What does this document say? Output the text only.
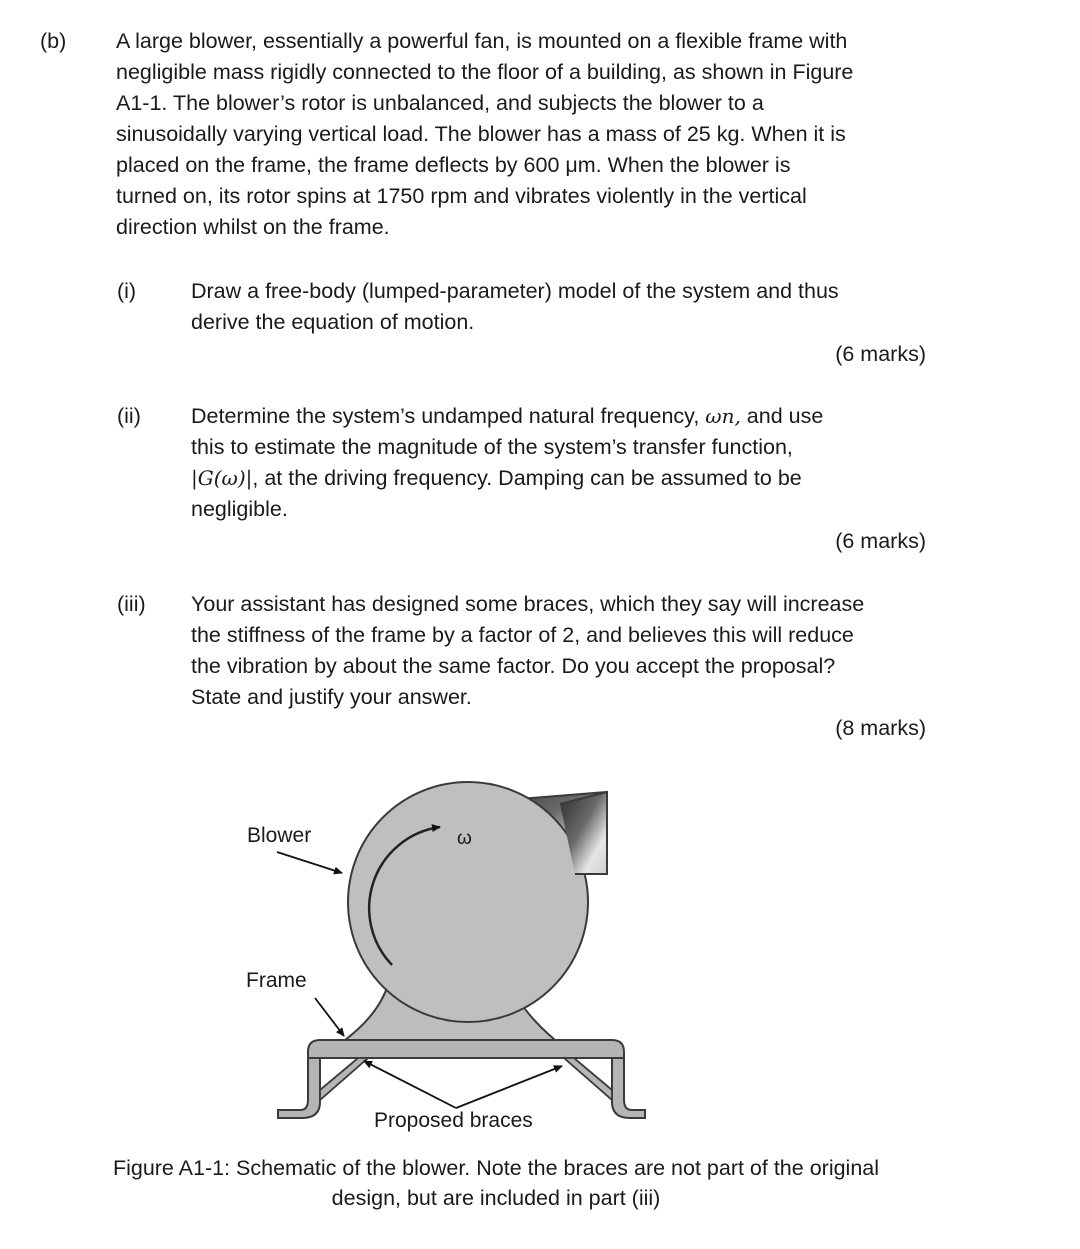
(b) A large blower, essentially a powerful fan, is mounted on a flexible frame with
negligible mass rigidly connected to the floor of a building, as shown in Figure
A1-1. The blower’s rotor is unbalanced, and subjects the blower to a
sinusoidally varying vertical load. The blower has a mass of 25 kg. When it is
placed on the frame, the frame deflects by 600 μm. When the blower is
turned on, its rotor spins at 1750 rpm and vibrates violently in the vertical
direction whilst on the frame.
(i)	Draw a free-body (lumped-parameter) model of the system and thus
derive the equation of motion.
(6 marks)
(ii) Determine the system’s undamped natural frequency, ωn, and use
this to estimate the magnitude of the system’s transfer function,
|G(ω)|, at the driving frequency. Damping can be assumed to be
negligible.
(6 marks)
(iii) Your assistant has designed some braces, which they say will increase
the stiffness of the frame by a factor of 2, and believes this will reduce
the vibration by about the same factor. Do you accept the proposal?
State and justify your answer.
(8 marks)
Blower
Frame
ω
Proposed braces
Figure A1-1: Schematic of the blower. Note the braces are not part of the original
design, but are included in part (iii)
